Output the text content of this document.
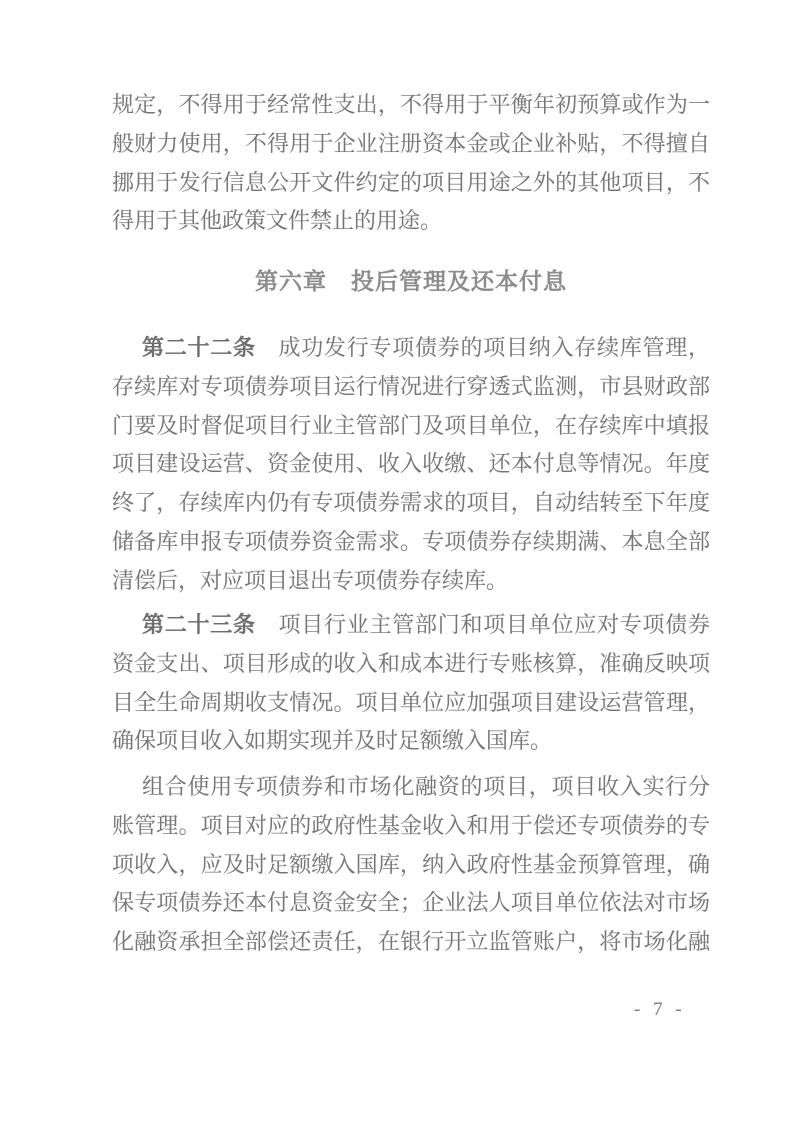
规定，不得用于经常性支出，不得用于平衡年初预算或作为一
般财力使用，不得用于企业注册资本金或企业补贴，不得擅自
挪用于发行信息公开文件约定的项目用途之外的其他项目，不
得用于其他政策文件禁止的用途。
第六章　投后管理及还本付息
第二十二条　成功发行专项债券的项目纳入存续库管理，
存续库对专项债券项目运行情况进行穿透式监测，市县财政部
门要及时督促项目行业主管部门及项目单位，在存续库中填报
项目建设运营、资金使用、收入收缴、还本付息等情况。年度
终了，存续库内仍有专项债券需求的项目，自动结转至下年度
储备库申报专项债券资金需求。专项债券存续期满、本息全部
清偿后，对应项目退出专项债券存续库。
第二十三条　项目行业主管部门和项目单位应对专项债券
资金支出、项目形成的收入和成本进行专账核算，准确反映项
目全生命周期收支情况。项目单位应加强项目建设运营管理，
确保项目收入如期实现并及时足额缴入国库。
组合使用专项债券和市场化融资的项目，项目收入实行分
账管理。项目对应的政府性基金收入和用于偿还专项债券的专
项收入，应及时足额缴入国库，纳入政府性基金预算管理，确
保专项债券还本付息资金安全；企业法人项目单位依法对市场
化融资承担全部偿还责任，在银行开立监管账户，将市场化融
- 7 -
